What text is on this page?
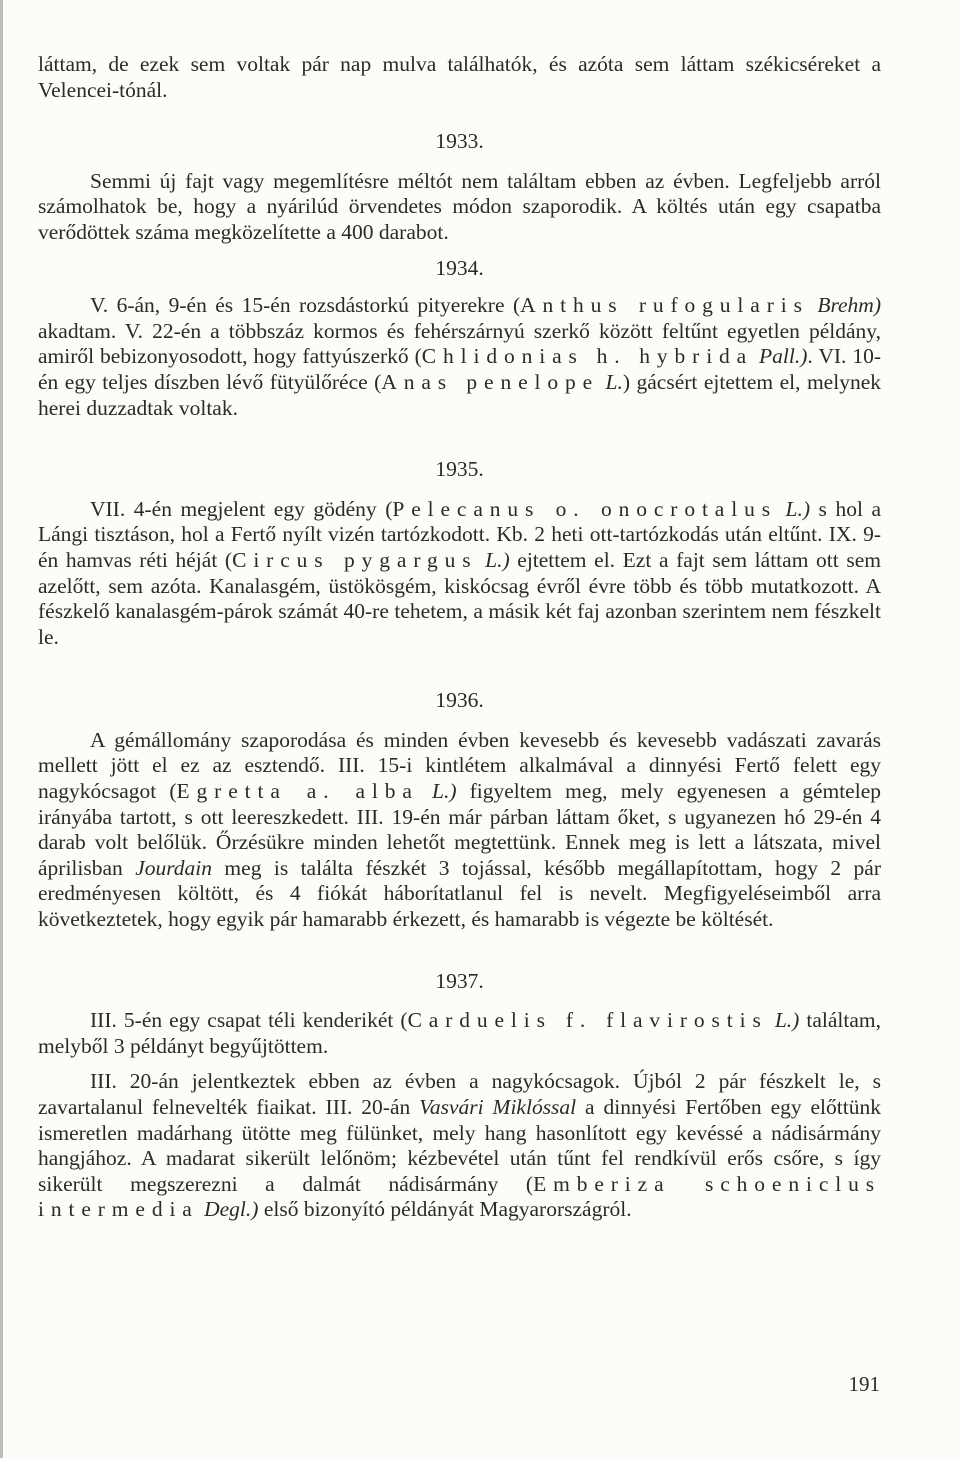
láttam, de ezek sem voltak pár nap mulva találhatók, és azóta sem láttam székicséreket a Velencei-tónál.

1933.

Semmi új fajt vagy megemlítésre méltót nem találtam ebben az évben. Legfeljebb arról számolhatok be, hogy a nyárilúd örvendetes módon szaporodik. A költés után egy csapatba verődöttek száma megközelítette a 400 darabot.

1934.

V. 6-án, 9-én és 15-én rozsdástorkú pityerekre (Anthus rufogularis Brehm) akadtam. V. 22-én a többszáz kormos és fehérszárnyú szerkő között feltűnt egyetlen példány, amiről bebizonyosodott, hogy fattyúszerkő (Chlidonias h. hybrida Pall.). VI. 10-én egy teljes díszben lévő fütyülőréce (Anas penelope L.) gácsért ejtettem el, melynek herei duzzadtak voltak.

1935.

VII. 4-én megjelent egy gödény (Pelecanus o. onocrotalus L.) s hol a Lángi tisztáson, hol a Fertő nyílt vizén tartózkodott. Kb. 2 heti ott-tartózkodás után eltűnt. IX. 9-én hamvas réti héját (Circus pygargus L.) ejtettem el. Ezt a fajt sem láttam ott sem azelőtt, sem azóta. Kanalasgém, üstökösgém, kiskócsag évről évre több és több mutatkozott. A fészkelő kanalasgém-párok számát 40-re tehetem, a másik két faj azonban szerintem nem fészkelt le.

1936.

A gémállomány szaporodása és minden évben kevesebb és kevesebb vadászati zavarás mellett jött el ez az esztendő. III. 15-i kintlétem alkalmával a dinnyési Fertő felett egy nagykócsagot (Egretta a. alba L.) figyeltem meg, mely egyenesen a gémtelep irányába tartott, s ott leereszkedett. III. 19-én már párban láttam őket, s ugyanezen hó 29-én 4 darab volt belőlük. Őrzésükre minden lehetőt megtettünk. Ennek meg is lett a látszata, mivel áprilisban Jourdain meg is találta fészkét 3 tojással, később megállapítottam, hogy 2 pár eredményesen költött, és 4 fiókát háborítatlanul fel is nevelt. Megfigyeléseimből arra következtetek, hogy egyik pár hamarabb érkezett, és hamarabb is végezte be költését.

1937.

III. 5-én egy csapat téli kenderikét (Carduelis f. flavirostis L.) találtam, melyből 3 példányt begyűjtöttem.

III. 20-án jelentkeztek ebben az évben a nagykócsagok. Újból 2 pár fészkelt le, s zavartalanul felnevelték fiaikat. III. 20-án Vasvári Miklóssal a dinnyési Fertőben egy előttünk ismeretlen madárhang ütötte meg fülünket, mely hang hasonlított egy kevéssé a nádisármány hangjához. A madarat sikerült lelőnöm; kézbevétel után tűnt fel rendkívül erős csőre, s így sikerült megszerezni a dalmát nádisármány (Emberiza schoeniclus intermedia Degl.) első bizonyító példányát Magyarországról.

191
